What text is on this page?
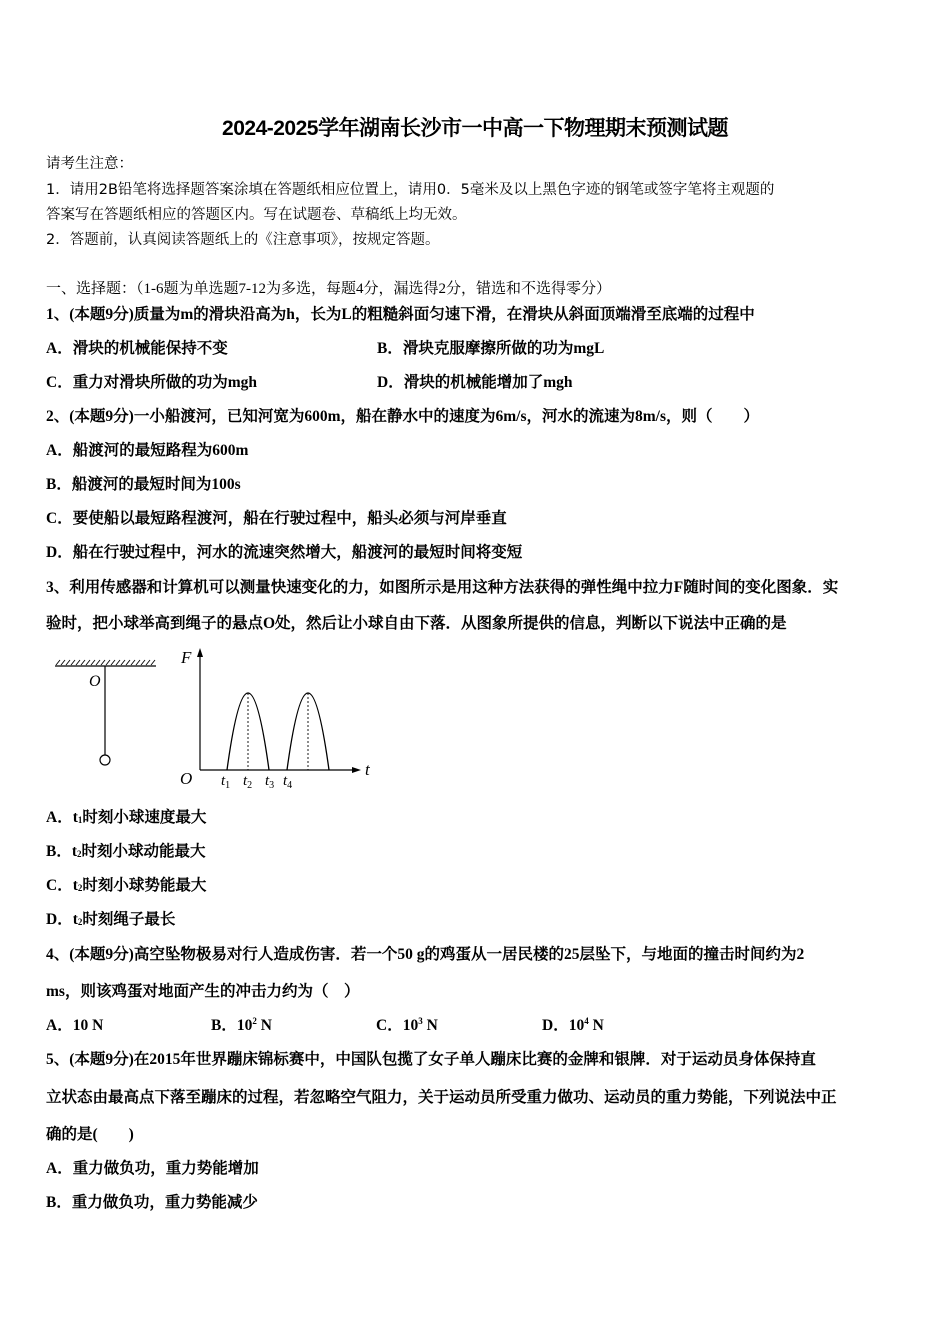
2024-2025学年湖南长沙市一中高一下物理期末预测试题
请考生注意：
1．请用2B铅笔将选择题答案涂填在答题纸相应位置上，请用0．5毫米及以上黑色字迹的钢笔或签字笔将主观题的
答案写在答题纸相应的答题区内。写在试题卷、草稿纸上均无效。
2．答题前，认真阅读答题纸上的《注意事项》，按规定答题。
一、选择题：（1-6题为单选题7-12为多选，每题4分，漏选得2分，错选和不选得零分）
1、(本题9分)质量为m的滑块沿高为h，长为L的粗糙斜面匀速下滑，在滑块从斜面顶端滑至底端的过程中
A．滑块的机械能保持不变	B．滑块克服摩擦所做的功为mgL
C．重力对滑块所做的功为mgh	D．滑块的机械能增加了mgh
2、(本题9分)一小船渡河，已知河宽为600m，船在静水中的速度为6m/s，河水的流速为8m/s，则（　　）
A．船渡河的最短路程为600m
B．船渡河的最短时间为100s
C．要使船以最短路程渡河，船在行驶过程中，船头必须与河岸垂直
D．船在行驶过程中，河水的流速突然增大，船渡河的最短时间将变短
3、利用传感器和计算机可以测量快速变化的力，如图所示是用这种方法获得的弹性绳中拉力F随时间的变化图象．实
验时，把小球举高到绳子的悬点O处，然后让小球自由下落．从图象所提供的信息，判断以下说法中正确的是
O
F
t
O $t_1$ $t_2$ $t_3$ $t_4$
A．$t_1$时刻小球速度最大
B．$t_2$时刻小球动能最大
C．$t_2$时刻小球势能最大
D．$t_2$时刻绳子最长
4、(本题9分)高空坠物极易对行人造成伤害．若一个50 g的鸡蛋从一居民楼的25层坠下，与地面的撞击时间约为2
ms，则该鸡蛋对地面产生的冲击力约为（　）
A．10 N	B．$10^2$ N	C．$10^3$ N	D．$10^4$ N
5、(本题9分)在2015年世界蹦床锦标赛中，中国队包揽了女子单人蹦床比赛的金牌和银牌．对于运动员身体保持直
立状态由最高点下落至蹦床的过程，若忽略空气阻力，关于运动员所受重力做功、运动员的重力势能，下列说法中正
确的是(　　)
A．重力做负功，重力势能增加
B．重力做负功，重力势能减少
